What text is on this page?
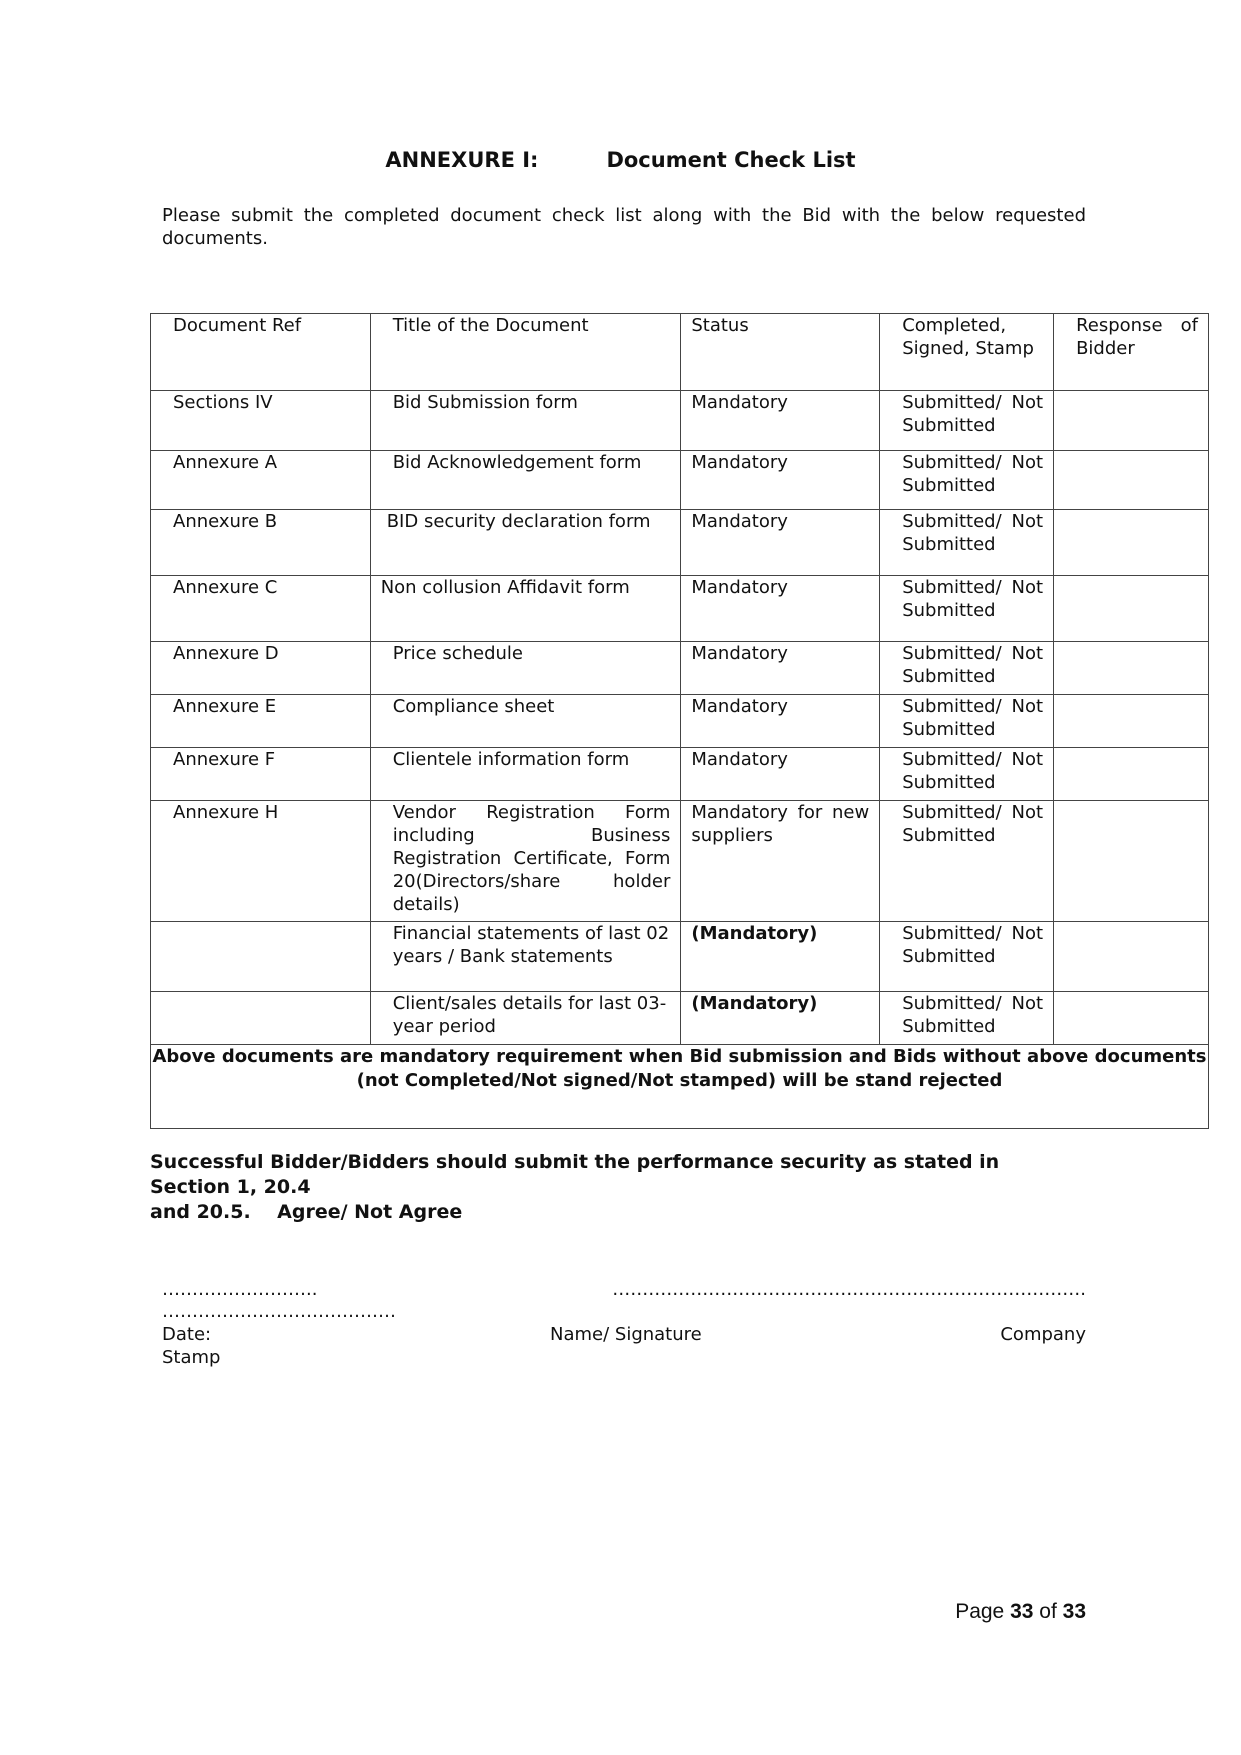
ANNEXURE I:	Document Check List
Please submit the completed document check list along with the Bid with the below requested documents.
Document Ref	Title of the Document	Status	Completed, Signed, Stamp	Response of Bidder

Sections IV	Bid Submission form	Mandatory	Submitted/ Not Submitted	

Annexure A	Bid Acknowledgement form	Mandatory	Submitted/ Not Submitted	

Annexure B	BID security declaration form	Mandatory	Submitted/ Not Submitted	

Annexure C	Non collusion Affidavit form	Mandatory	Submitted/ Not Submitted	

Annexure D	Price schedule	Mandatory	Submitted/ Not Submitted	

Annexure E	Compliance sheet	Mandatory	Submitted/ Not Submitted	

Annexure F	Clientele information form	Mandatory	Submitted/ Not Submitted	

Annexure H	Vendor Registration Form including Business Registration Certificate, Form 20(Directors/share holder details)	Mandatory for new suppliers	Submitted/ Not Submitted	

	Financial statements of last 02 years / Bank statements	(Mandatory)	Submitted/ Not Submitted	

	Client/sales details for last 03-year period	(Mandatory)	Submitted/ Not Submitted	

Above documents are mandatory requirement when Bid submission and Bids without above documents (not Completed/Not signed/Not stamped) will be stand rejected				
Successful Bidder/Bidders should submit the performance security as stated in Section 1, 20.4
and 20.5. Agree/ Not Agree
……………………..	…………………………………………………………………….
…………………………………
Date:	Name/ Signature	Company
Stamp
Page 33 of 33
